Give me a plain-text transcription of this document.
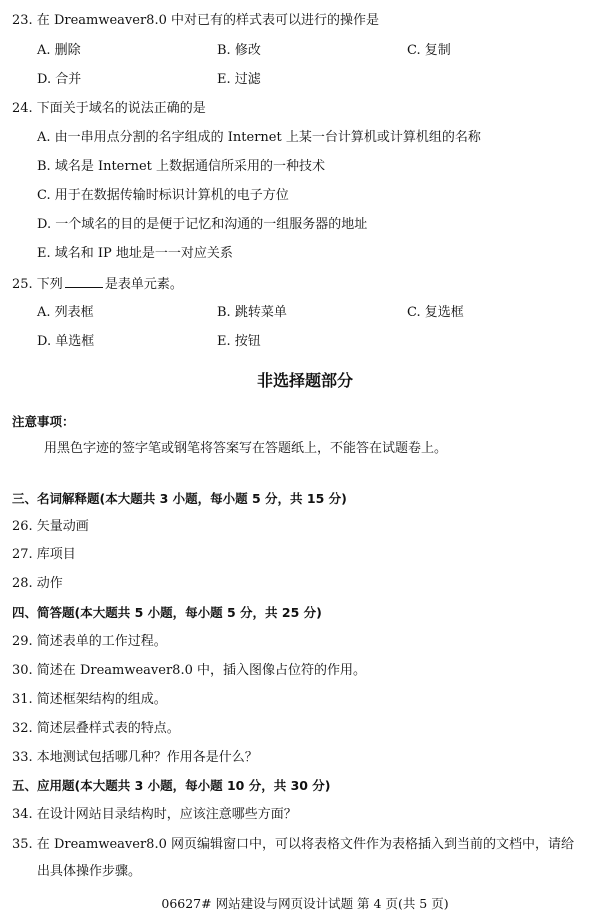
23. 在 Dreamweaver8.0 中对已有的样式表可以进行的操作是
A. 删除	B. 修改	C. 复制
D. 合并	E. 过滤
24. 下面关于域名的说法正确的是
A. 由一串用点分割的名字组成的 Internet 上某一台计算机或计算机组的名称
B. 域名是 Internet 上数据通信所采用的一种技术
C. 用于在数据传输时标识计算机的电子方位
D. 一个域名的目的是便于记忆和沟通的一组服务器的地址
E. 域名和 IP 地址是一一对应关系
25. 下列	是表单元素。
A. 列表框	B. 跳转菜单	C. 复选框
D. 单选框	E. 按钮
非选择题部分
注意事项：
用黑色字迹的签字笔或钢笔将答案写在答题纸上，不能答在试题卷上。
三、名词解释题(本大题共 3 小题，每小题 5 分，共 15 分)
26. 矢量动画
27. 库项目
28. 动作
四、简答题(本大题共 5 小题，每小题 5 分，共 25 分)
29. 简述表单的工作过程。
30. 简述在 Dreamweaver8.0 中，插入图像占位符的作用。
31. 简述框架结构的组成。
32. 简述层叠样式表的特点。
33. 本地测试包括哪几种？作用各是什么？
五、应用题(本大题共 3 小题，每小题 10 分，共 30 分)
34. 在设计网站目录结构时，应该注意哪些方面？
35. 在 Dreamweaver8.0 网页编辑窗口中，可以将表格文件作为表格插入到当前的文档中，请给
出具体操作步骤。
06627# 网站建设与网页设计试题 第 4 页(共 5 页)
